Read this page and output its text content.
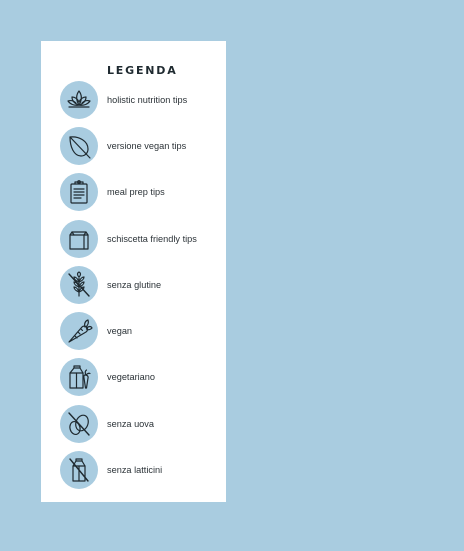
LEGENDA
holistic nutrition tips
versione vegan tips
meal prep tips
schiscetta friendly tips
senza glutine
vegan
vegetariano
senza uova
senza latticini
